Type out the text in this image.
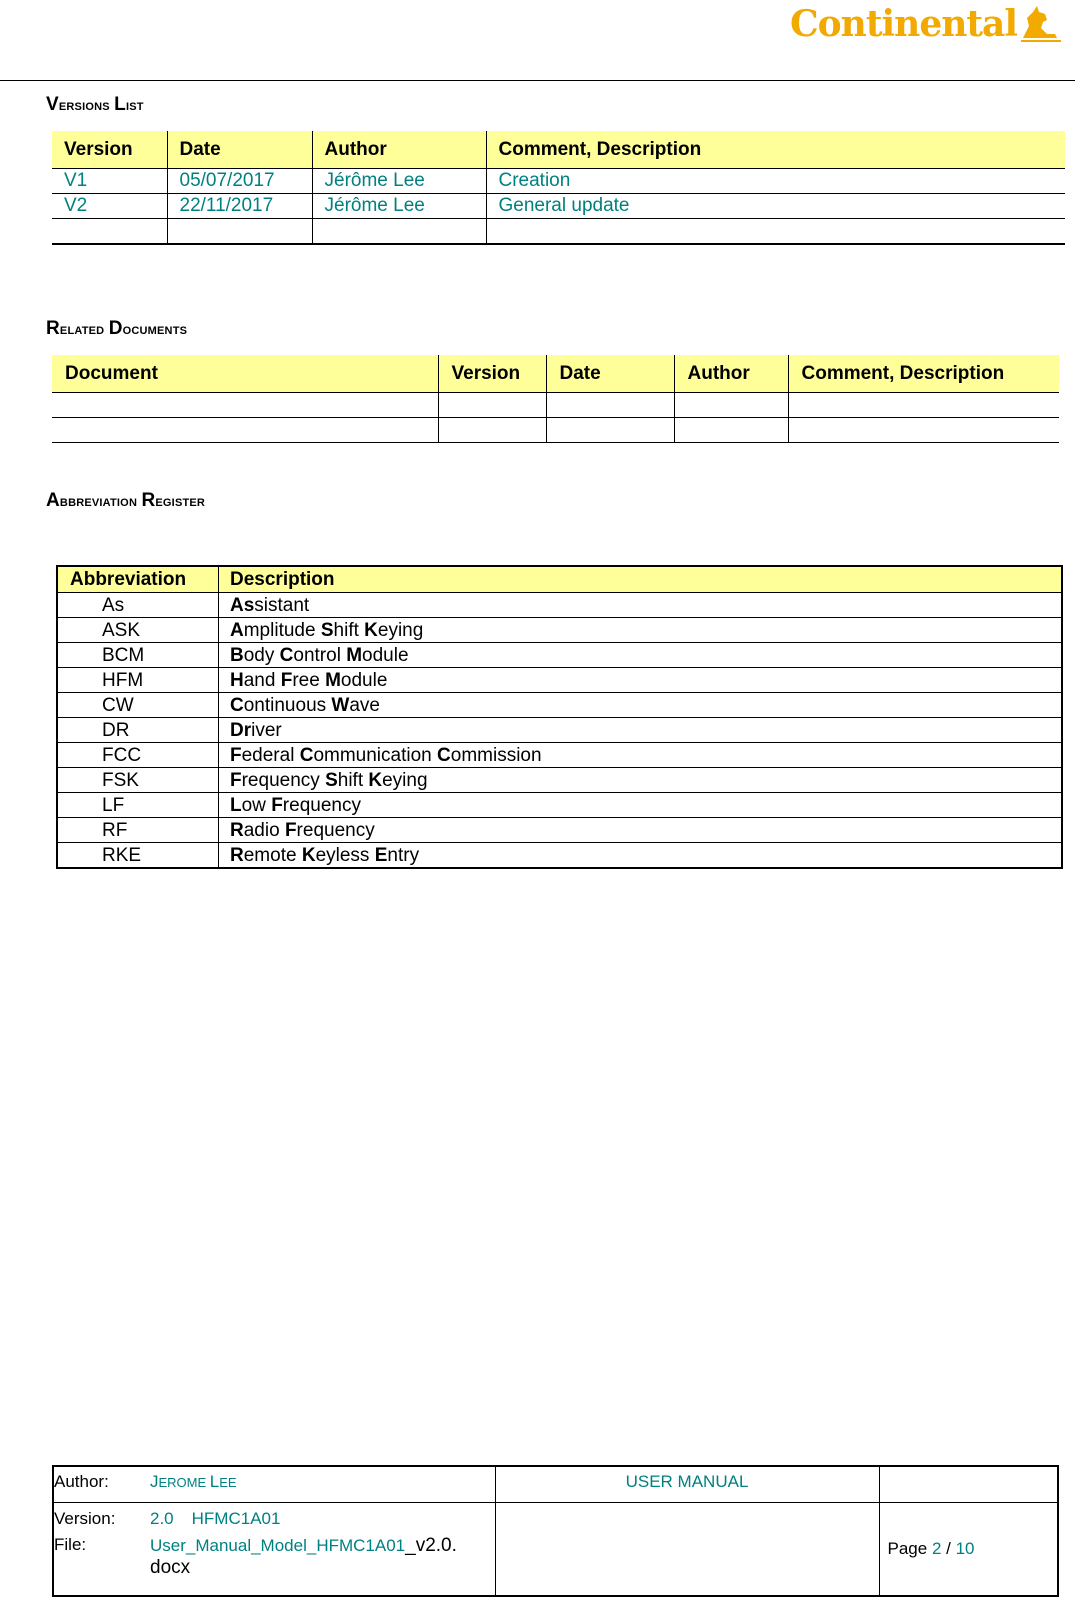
Continental
Versions List
Version	Date	Author	Comment, Description
V1	05/07/2017	Jérôme Lee	Creation
V2	22/11/2017	Jérôme Lee	General update

Related Documents
Document	Version	Date	Author	Comment, Description

Abbreviation Register
Abbreviation	Description
As	Assistant
ASK	Amplitude Shift Keying
BCM	Body Control Module
HFM	Hand Free Module
CW	Continuous Wave
DR	Driver
FCC	Federal Communication Commission
FSK	Frequency Shift Keying
LF	Low Frequency
RF	Radio Frequency
RKE	Remote Keyless Entry
Author: JEROME LEE	USER MANUAL	

Version: 2.0 HFMC1A01
File: User_Manual_Model_HFMC1A01_v2.0.
docx		Page 2 / 10
